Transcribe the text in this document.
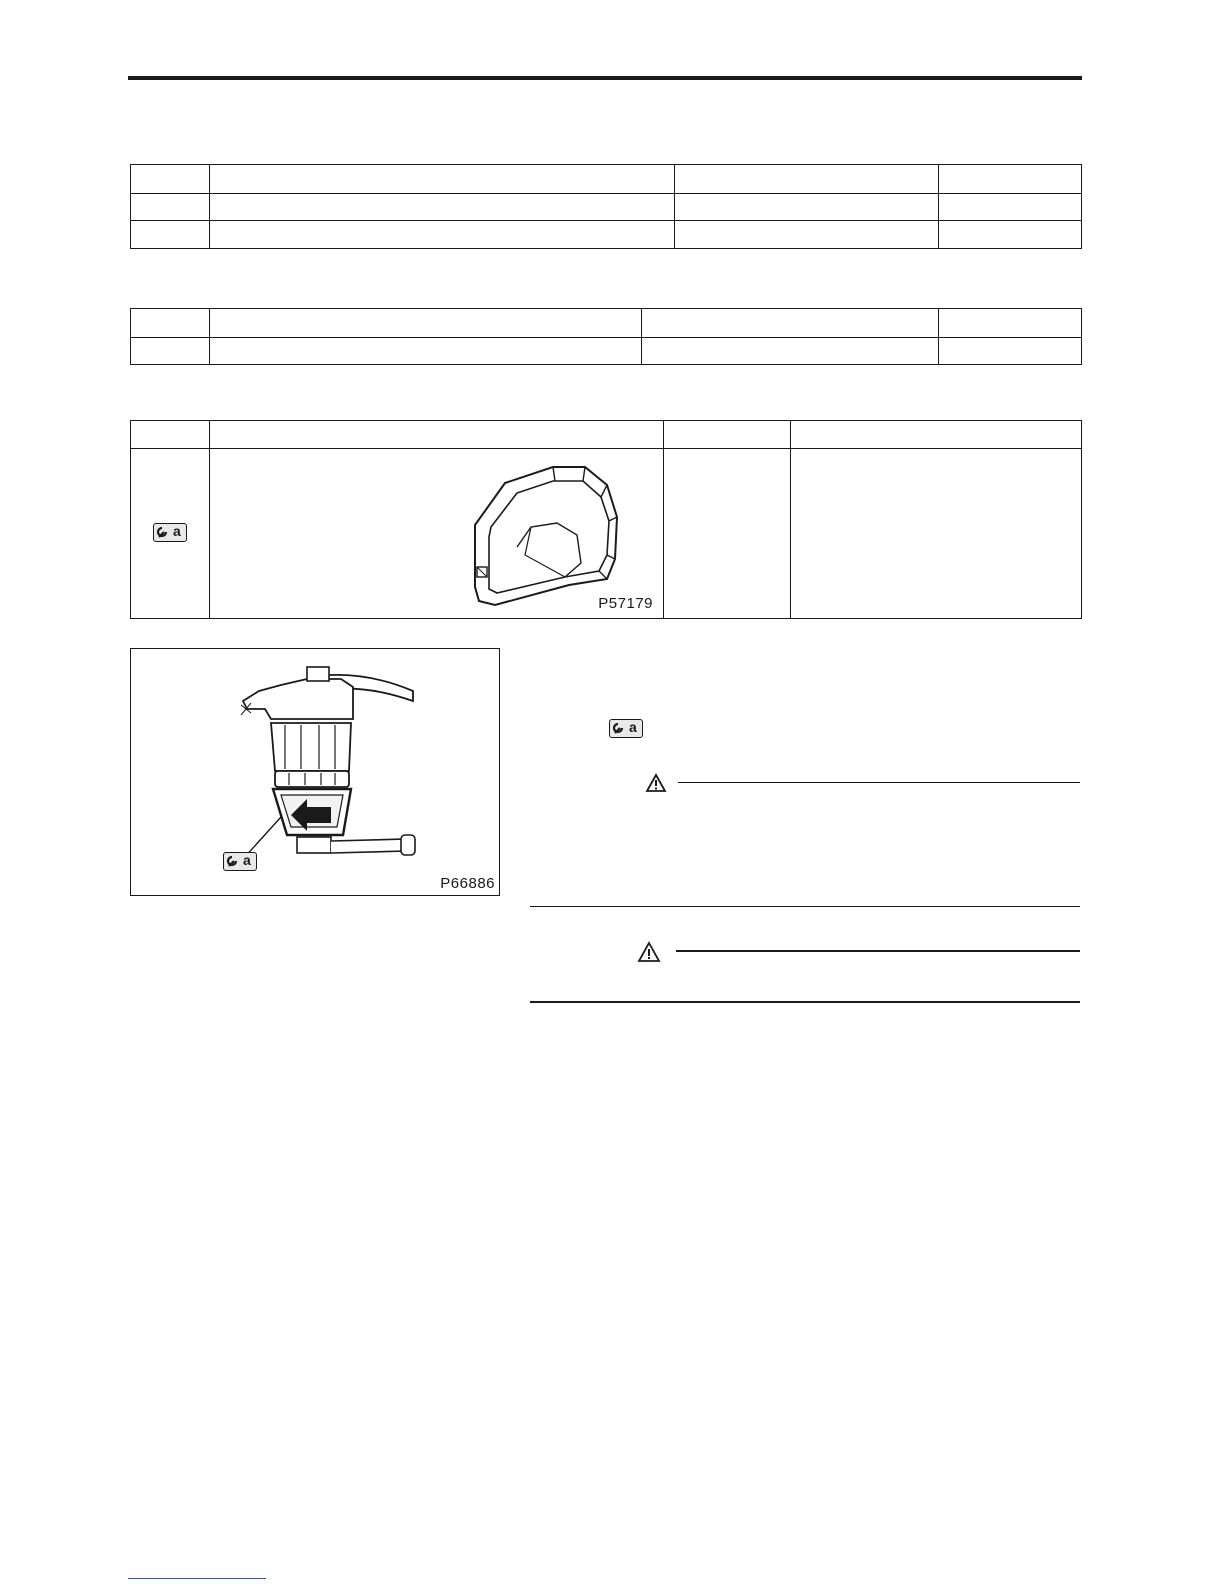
a	P57179		

a
P66886
a
